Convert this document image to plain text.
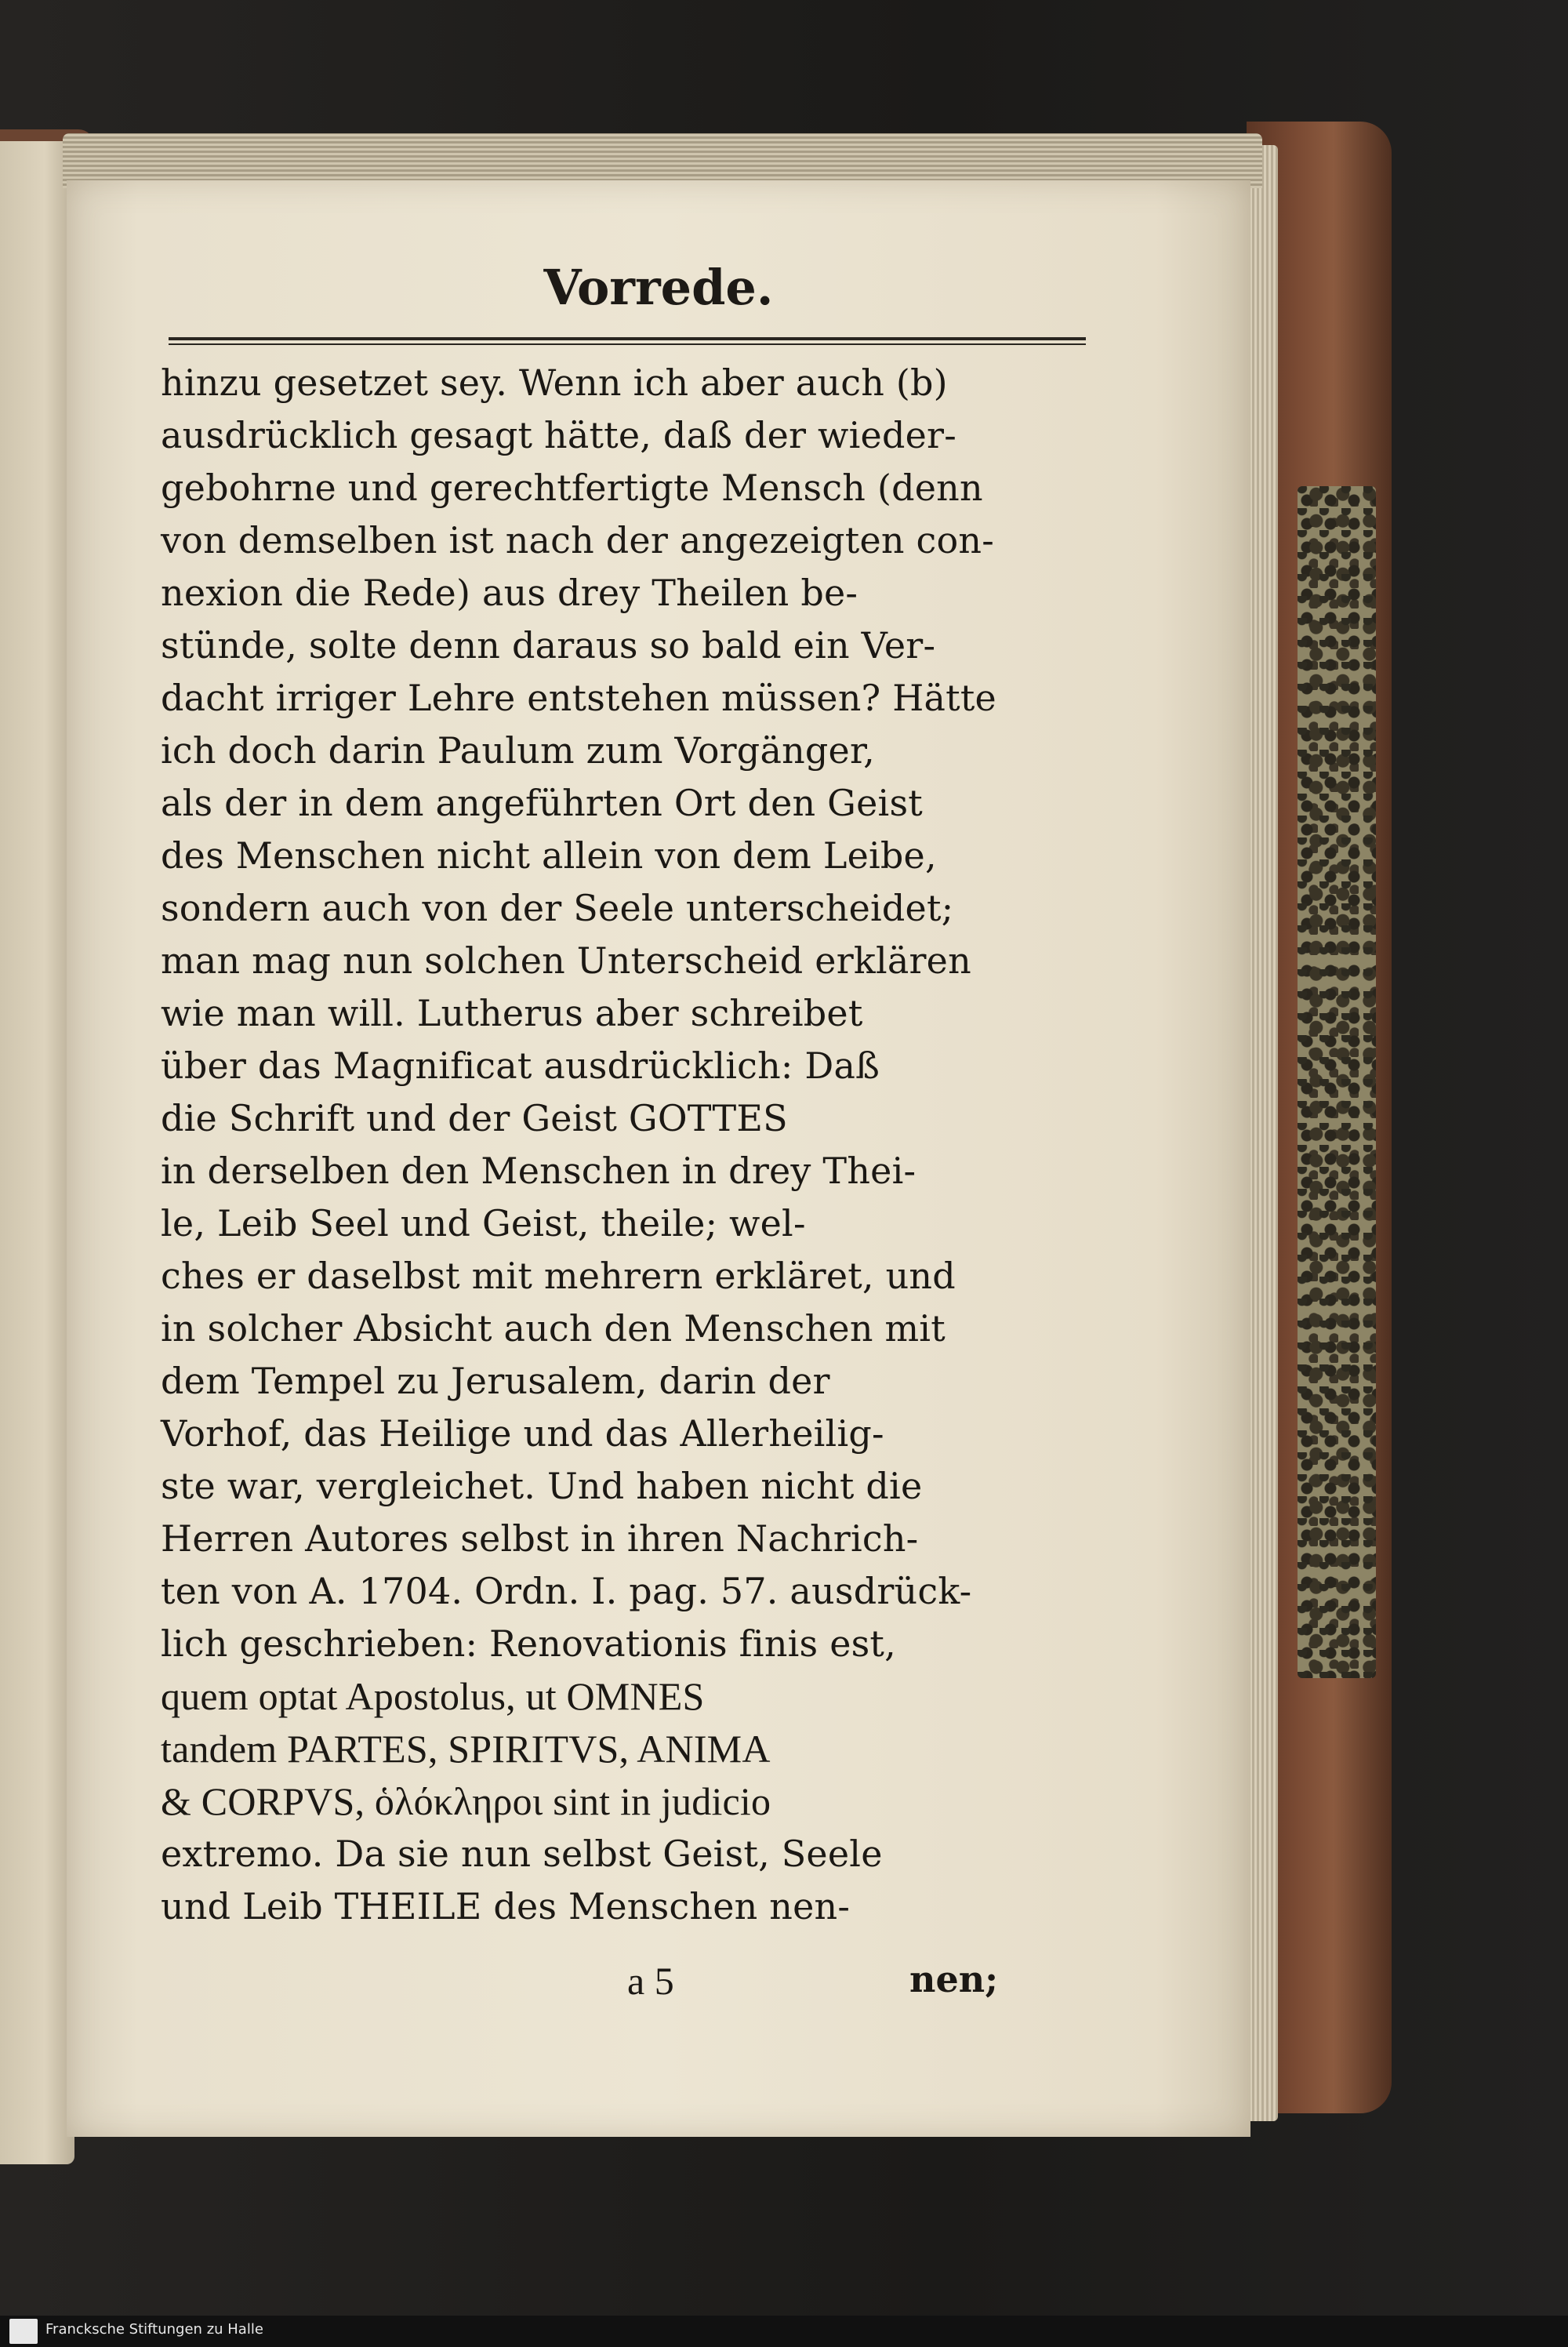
Vorrede.
hinzu gesetzet sey. Wenn ich aber auch (b)
ausdrücklich gesagt hätte, daß der wieder-
gebohrne und gerechtfertigte Mensch (denn
von demselben ist nach der angezeigten con-
nexion die Rede) aus drey Theilen be-
stünde, solte denn daraus so bald ein Ver-
dacht irriger Lehre entstehen müssen? Hätte
ich doch darin Paulum zum Vorgänger,
als der in dem angeführten Ort den Geist
des Menschen nicht allein von dem Leibe,
sondern auch von der Seele unterscheidet;
man mag nun solchen Unterscheid erklären
wie man will. Lutherus aber schreibet
über das Magnificat ausdrücklich: Daß
die Schrift und der Geist GOTTES
in derselben den Menschen in drey Thei-
le, Leib Seel und Geist, theile; wel-
ches er daselbst mit mehrern erkläret, und
in solcher Absicht auch den Menschen mit
dem Tempel zu Jerusalem, darin der
Vorhof, das Heilige und das Allerheilig-
ste war, vergleichet. Und haben nicht die
Herren Autores selbst in ihren Nachrich-
ten von A. 1704. Ordn. I. pag. 57. ausdrück-
lich geschrieben: Renovationis finis est,
quem optat Apostolus, ut OMNES
tandem PARTES, SPIRITVS, ANIMA
& CORPVS, ὁλόκληροι sint in judicio
extremo. Da sie nun selbst Geist, Seele
und Leib THEILE des Menschen nen-
a 5	nen;
Francksche Stiftungen zu Halle
